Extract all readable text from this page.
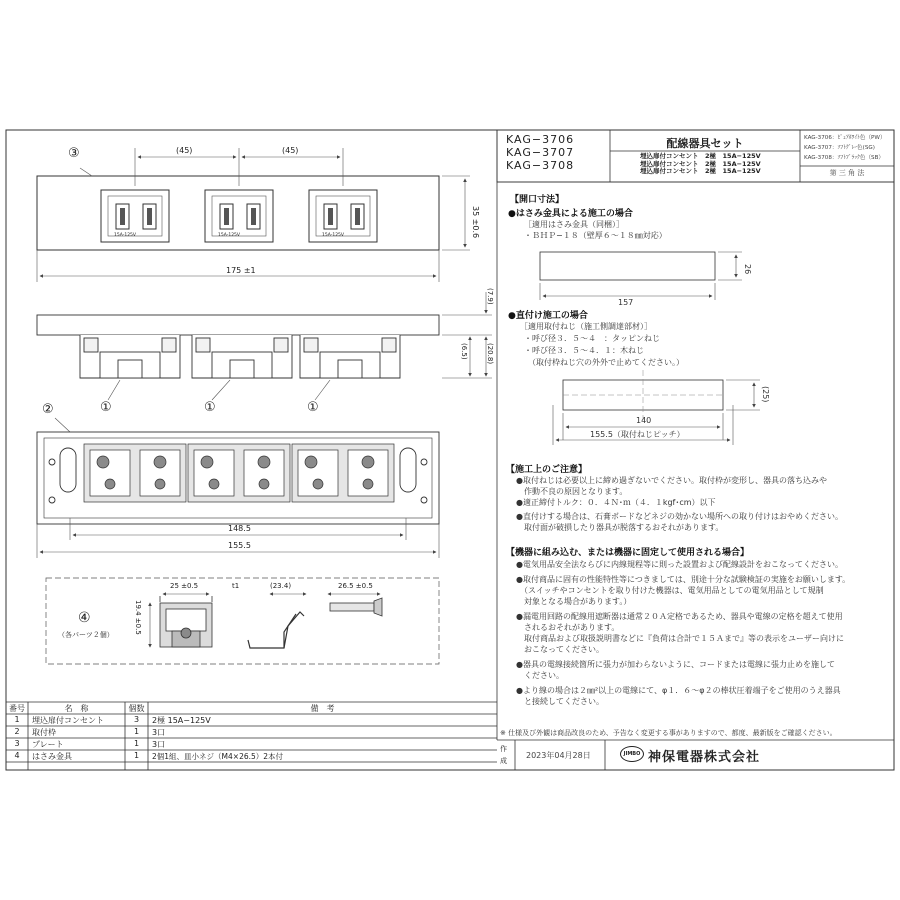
KAG−3706
KAG−3707
KAG−3708
配線器具セット
埋込扉付コンセント　2極　15A−125V
埋込扉付コンセント　2極　15A−125V
埋込扉付コンセント　2極　15A−125V
KAG-3706：ﾋﾟｭｱﾎﾜｲﾄ色（PW）
KAG-3707：ｿﾌﾄｸﾞﾚｰ色(SG)
KAG-3708：ｿﾌﾄﾌﾞﾗｯｸ色（SB）
第 三 角 法
③
②	①	①	①
④
（各パーツ２個）
(45)	(45)
175 ±1
35 ±0.6
(7.9)
(6.5)	(20.8)
148.5
155.5
25 ±0.5
19.4 ±0.5
t1	(23.4)	26.5 ±0.5
15A-125V	15A-125V	15A-125V
【開口寸法】
●はさみ金具による施工の場合
［適用はさみ金具（同梱）］
・ＢＨＰ−１８（壁厚６〜１８㎜対応）
157
26
●直付け施工の場合
［適用取付ねじ（施工側調達部材）］
・呼び径３．５〜４　：タッピンねじ
・呼び径３．５〜４．１：木ねじ
（取付枠ねじ穴の外外で止めてください。）
140
155.5（取付ねじピッチ）
(25)
【施工上のご注意】
●取付ねじは必要以上に締め過ぎないでください。取付枠が変形し、器具の落ち込みや
　作動不良の原因となります。
●適正締付トルク：０．４Ｎ･ｍ（４．１kgf･cm）以下
●直付けする場合は、石膏ボードなどネジの効かない場所への取り付けはおやめください。
　取付面が破損したり器具が脱落するおそれがあります。
【機器に組み込む、または機器に固定して使用される場合】
●電気用品安全法ならびに内線規程等に則った設置および配線設計をおこなってください。
●取付商品に固有の性能特性等につきましては、別途十分な試験検証の実施をお願いします。
　（スイッチやコンセントを取り付けた機器は、電気用品としての電気用品として規制
　対象となる場合があります。）
●漏電用回路の配線用遮断器は通常２０Ａ定格であるため、器具や電線の定格を超えて使用
　されるおそれがあります。
　取付商品および取扱説明書などに『負荷は合計で１５Ａまで』等の表示をユーザー向けに
　おこなってください。
●器具の電線接続箇所に張力が加わらないように、コードまたは電線に張力止めを施して
　ください。
●より線の場合は２㎜²以上の電線にて、φ１．６〜φ２の棒状圧着端子をご使用のうえ器具
　と接続してください。
※ 仕様及び外観は商品改良のため、予告なく変更する事がありますので、都度、最新版をご確認ください。
作成
2023年04月28日	JIMBO 神保電器株式会社
番号	名　称	個数	備　考
1	埋込扉付コンセント	3	2極 15A−125V
2	取付枠	1	3口
3	プレート	1	3口
4	はさみ金具	1	2個1組、皿小ネジ（M4×26.5）2本付
